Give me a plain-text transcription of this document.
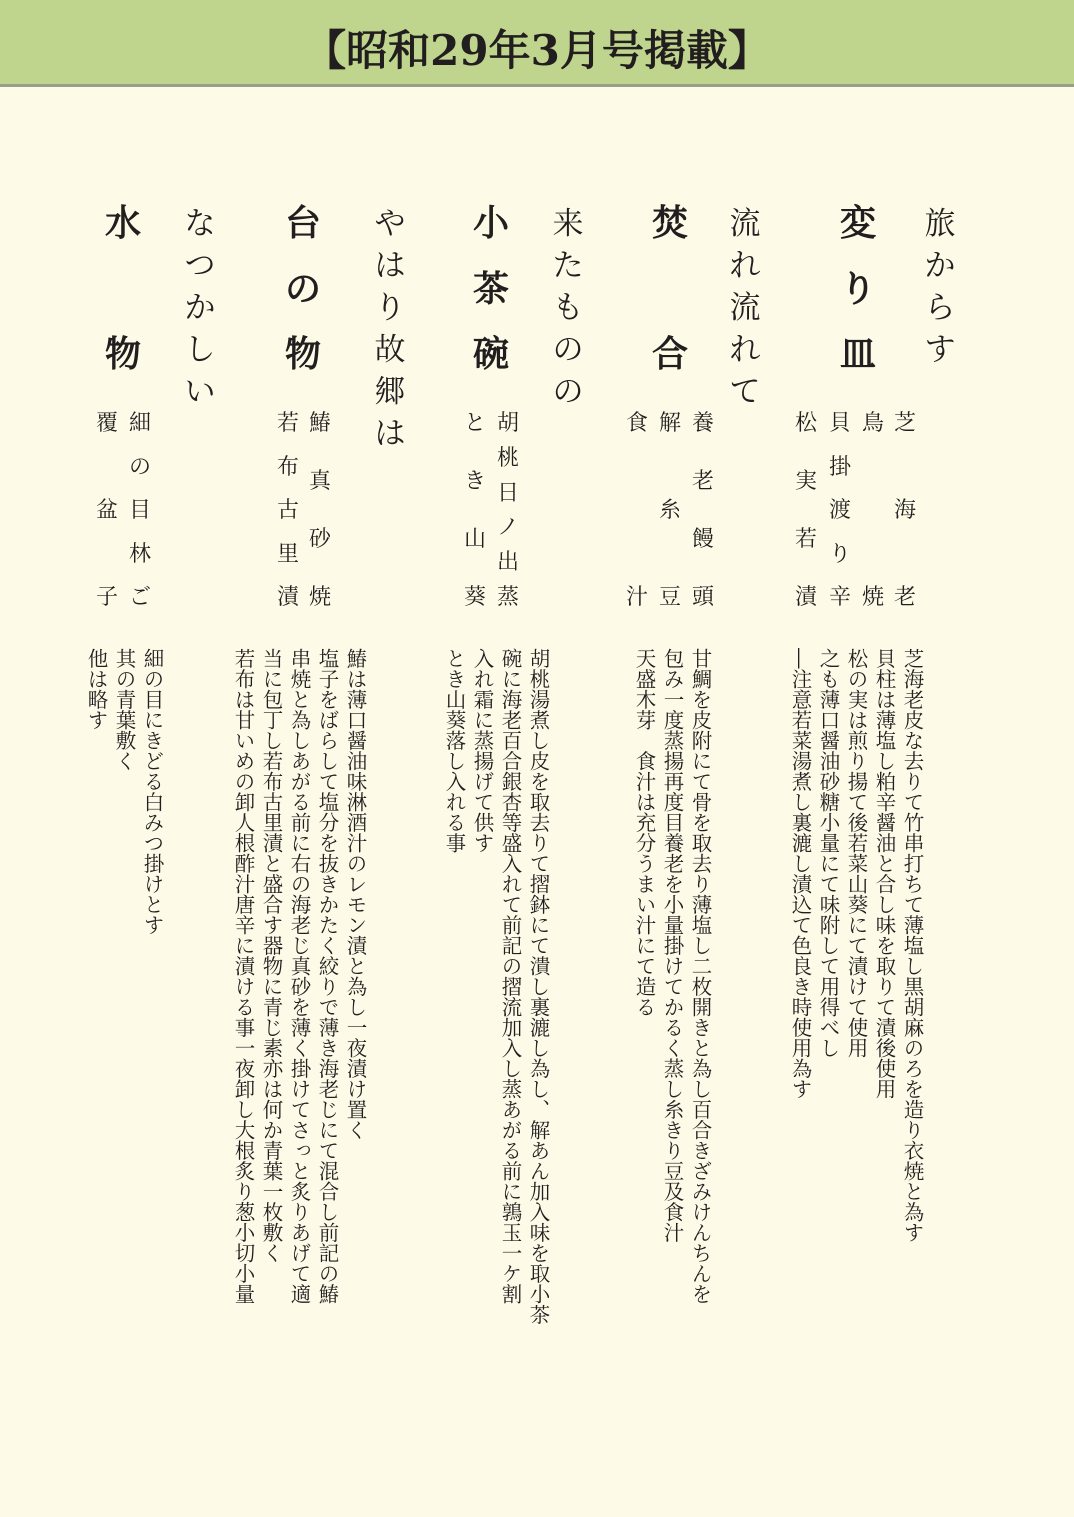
【昭和29年3月号掲載】
旅
か
ら
す
変
り
皿
芝
海
老
鳥
焼
貝
掛
渡
り
辛
松
実
若
漬
芝海老皮な去りて竹串打ちて薄塩し黒胡麻のろを造り衣焼と為す
貝柱は薄塩し粕辛醤油と合し味を取りて漬後使用
松の実は煎り揚て後若菜山葵にて漬けて使用
之も薄口醤油砂糖小量にて味附して用得べし
―注意若菜湯煮し裏漉し漬込て色良き時使用為す
流
れ
流
れ
て
焚
合
養
老
饅
頭
解
糸
豆
食
汁
甘鯛を皮附にて骨を取去り薄塩し二枚開きと為し百合きざみけんちんを
包み一度蒸揚再度目養老を小量掛けてかるく蒸し糸きり豆及食汁
天盛木芽　食汁は充分うまい汁にて造る
来
た
も
の
の
小
茶
碗
胡
桃
日
ノ
出
蒸
と
き
山
葵
胡桃湯煮し皮を取去りて摺鉢にて潰し裏漉し為し、解あん加入味を取小茶
碗に海老百合銀杏等盛入れて前記の摺流加入し蒸あがる前に鶉玉一ケ割
入れ霜に蒸揚げて供す
とき山葵落し入れる事
や
は
り
故
郷
は
台
の
物
鰆
真
砂
焼
若
布
古
里
漬
鰆は薄口醤油味淋酒汁のレモン漬と為し一夜漬け置く
塩子をばらして塩分を抜きかたく絞りで薄き海老じにて混合し前記の鰆
串焼と為しあがる前に右の海老じ真砂を薄く掛けてさっと炙りあげて適
当に包丁し若布古里漬と盛合す器物に青じ素亦は何か青葉一枚敷く
若布は甘いめの卸人根酢汁唐辛に漬ける事一夜卸し大根炙り葱小切小量
な
つ
か
し
い
水
物
細
の
目
林
ご
覆
盆
子
細の目にきどる白みつ掛けとす
其の青葉敷く
他は略す
